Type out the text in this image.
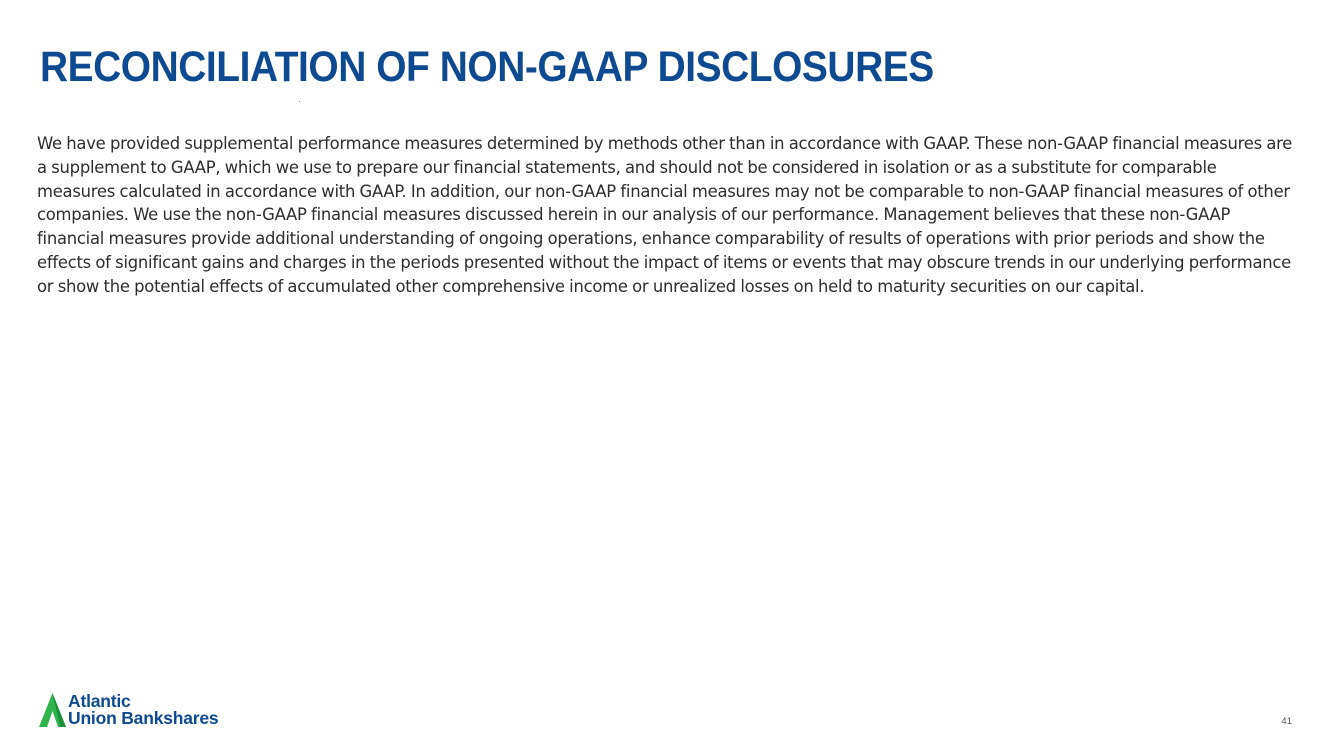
RECONCILIATION OF NON-GAAP DISCLOSURES

We have provided supplemental performance measures determined by methods other than in accordance with GAAP. These non-GAAP financial measures are a supplement to GAAP, which we use to prepare our financial statements, and should not be considered in isolation or as a substitute for comparable measures calculated in accordance with GAAP. In addition, our non-GAAP financial measures may not be comparable to non-GAAP financial measures of other companies. We use the non-GAAP financial measures discussed herein in our analysis of our performance. Management believes that these non-GAAP financial measures provide additional understanding of ongoing operations, enhance comparability of results of operations with prior periods and show the effects of significant gains and charges in the periods presented without the impact of items or events that may obscure trends in our underlying performance or show the potential effects of accumulated other comprehensive income or unrealized losses on held to maturity securities on our capital.

Atlantic
Union Bankshares	41
